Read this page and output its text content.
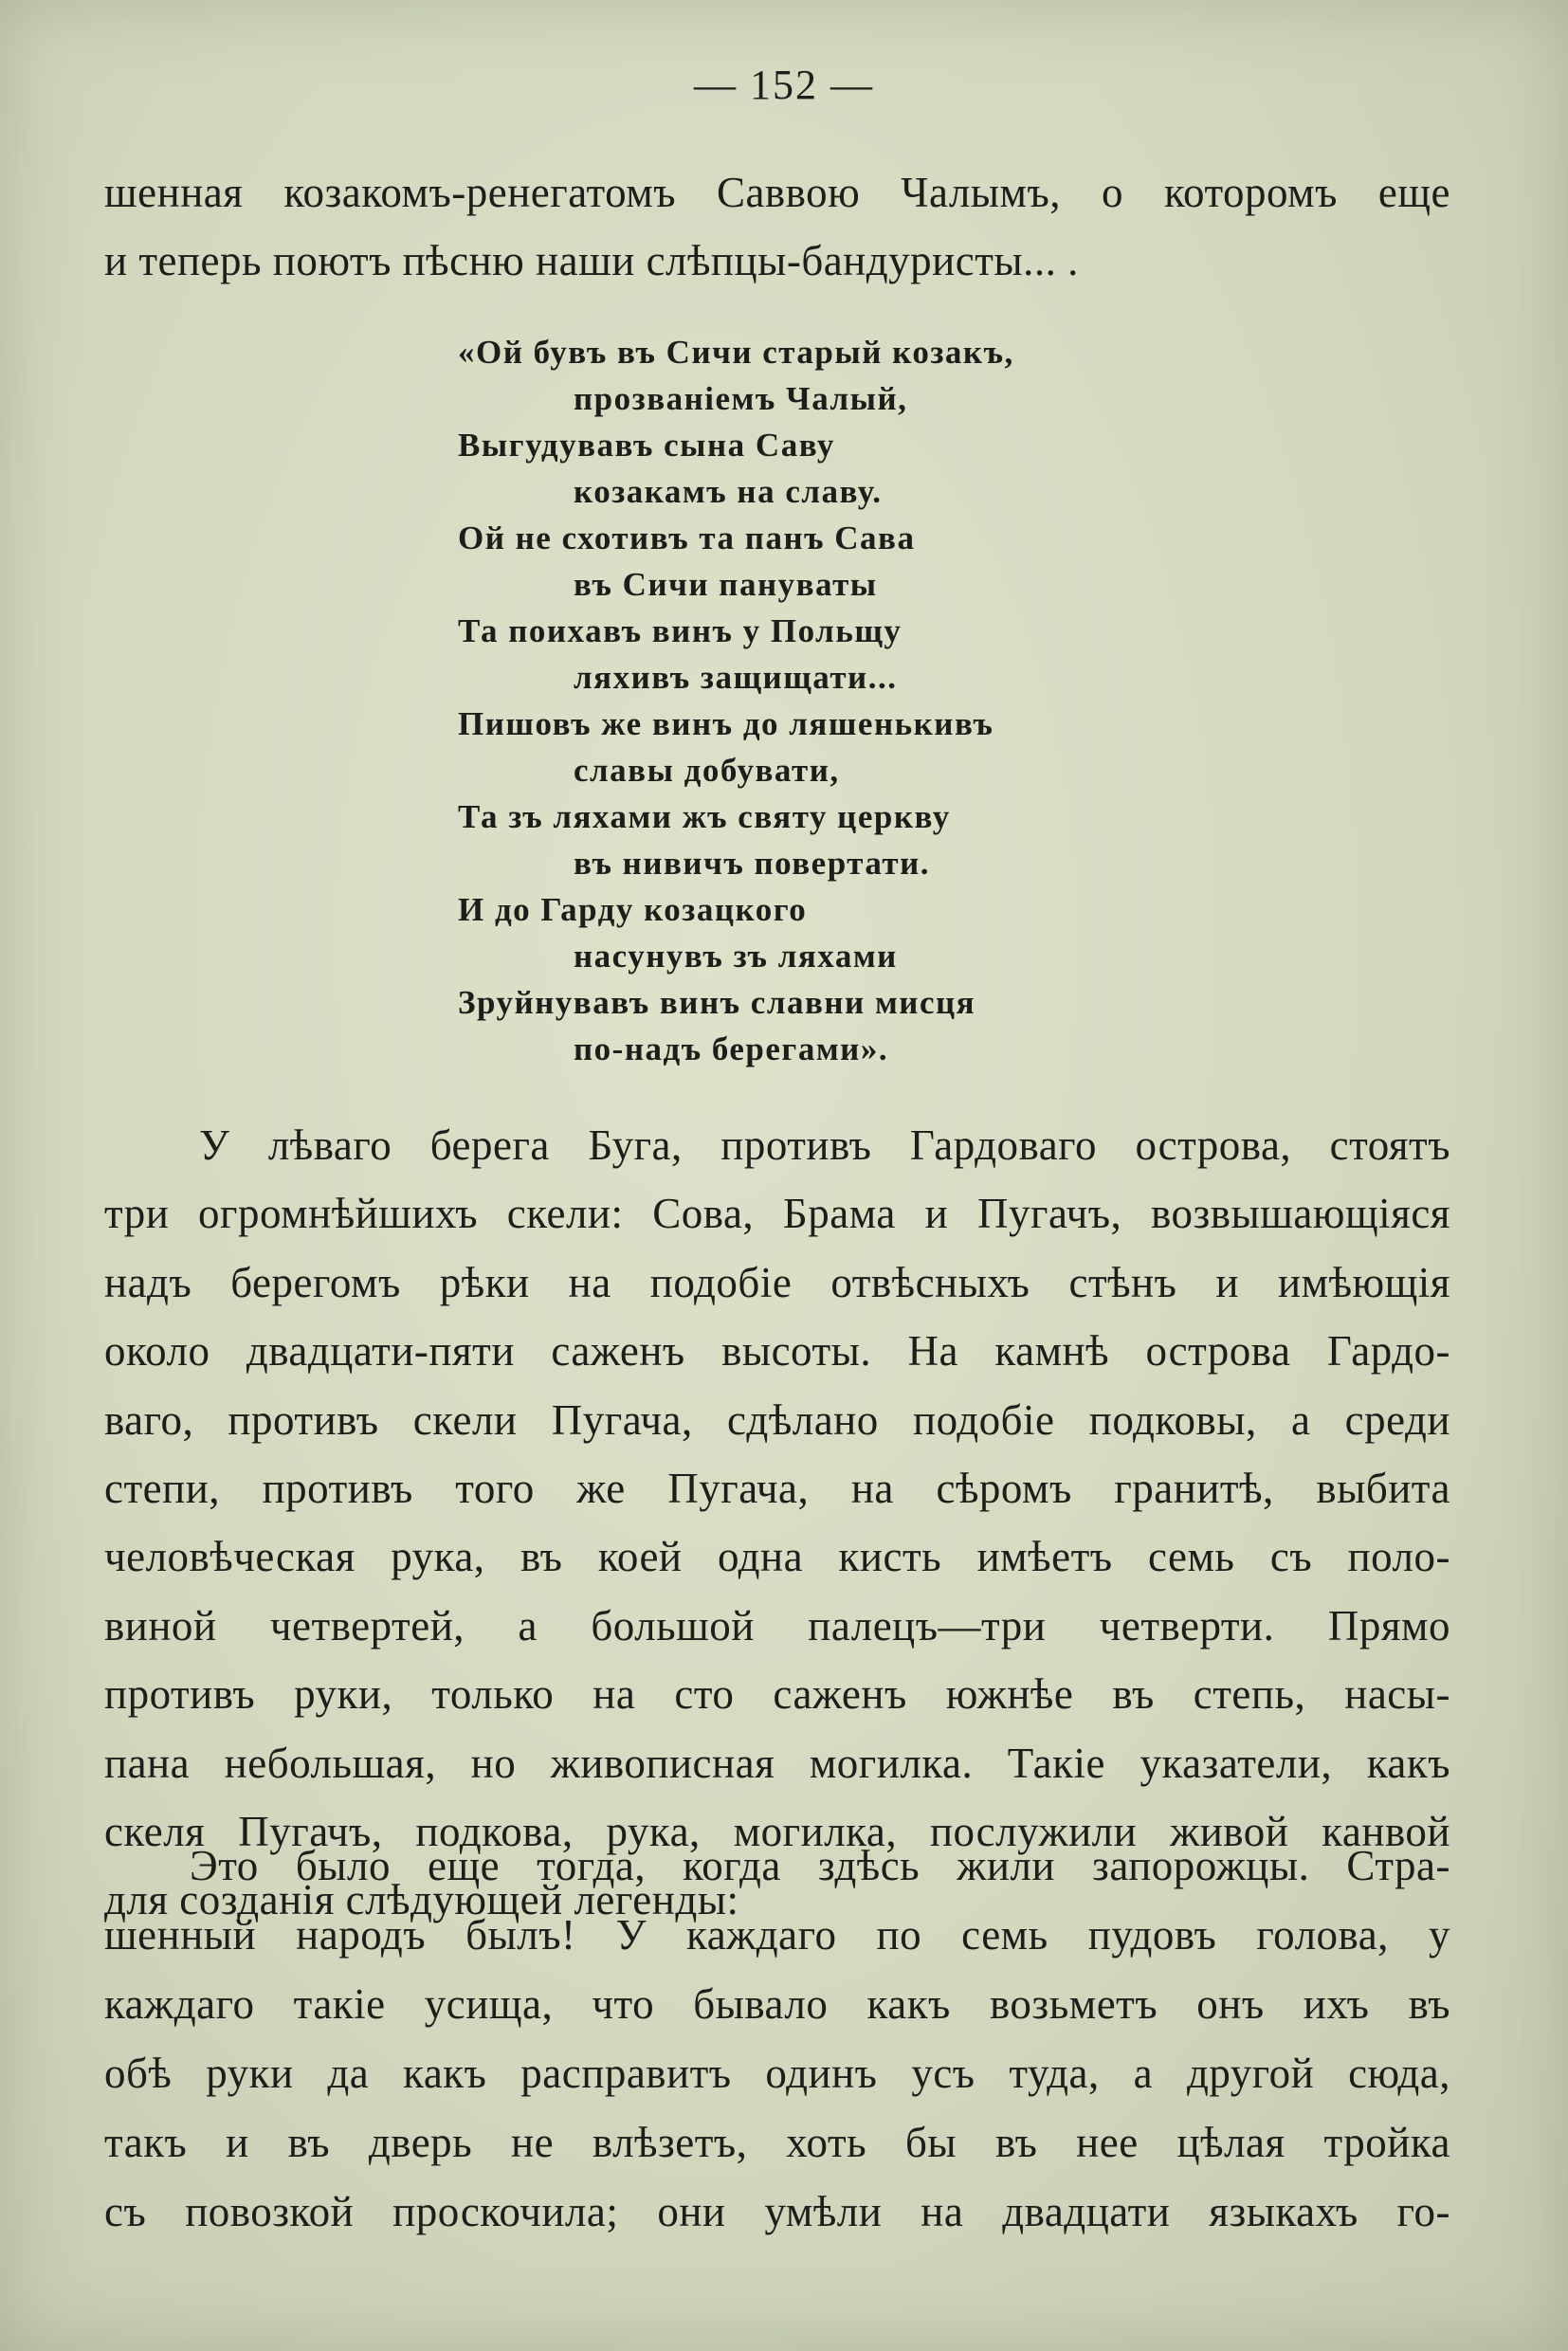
— 152 —
шенная козакомъ-ренегатомъ Саввою Чалымъ, о которомъ еще
и теперь поютъ пѣсню наши слѣпцы-бандуристы... .
«Ой бувъ въ Сичи старый козакъ,
прозваніемъ Чалый,
Выгудувавъ сына Саву
козакамъ на славу.
Ой не схотивъ та панъ Сава
въ Сичи пануваты
Та поихавъ винъ у Польщу
ляхивъ защищати...
Пишовъ же винъ до ляшенькивъ
славы добувати,
Та зъ ляхами жъ святу церкву
въ нивичъ повертати.
И до Гарду козацкого
насунувъ зъ ляхами
Зруйнувавъ винъ славни мисця
по-надъ берегами».
У лѣваго берега Буга, противъ Гардоваго острова, стоятъ
три огромнѣйшихъ скели: Сова, Брама и Пугачъ, возвышающіяся
надъ берегомъ рѣки на подобіе отвѣсныхъ стѣнъ и имѣющія
около двадцати-пяти саженъ высоты. На камнѣ острова Гардо-
ваго, противъ скели Пугача, сдѣлано подобіе подковы, а среди
степи, противъ того же Пугача, на сѣромъ гранитѣ, выбита
человѣческая рука, въ коей одна кисть имѣетъ семь съ поло-
виной четвертей, а большой палецъ—три четверти. Прямо
противъ руки, только на сто саженъ южнѣе въ степь, насы-
пана небольшая, но живописная могилка. Такіе указатели, какъ
скеля Пугачъ, подкова, рука, могилка, послужили живой канвой
для созданія слѣдующей легенды:
Это было еще тогда, когда здѣсь жили запорожцы. Стра-
шенный народъ былъ! У каждаго по семь пудовъ голова, у
каждаго такіе усища, что бывало какъ возьметъ онъ ихъ въ
обѣ руки да какъ расправитъ одинъ усъ туда, а другой сюда,
такъ и въ дверь не влѣзетъ, хоть бы въ нее цѣлая тройка
съ повозкой проскочила; они умѣли на двадцати языкахъ го-
